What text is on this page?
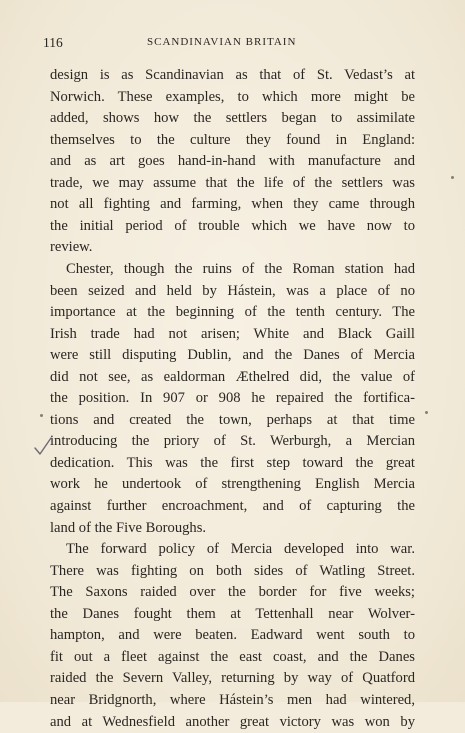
116	SCANDINAVIAN BRITAIN
design is as Scandinavian as that of St. Vedast’s at
Norwich. These examples, to which more might be
added, shows how the settlers began to assimilate
themselves to the culture they found in England:
and as art goes hand-in-hand with manufacture and
trade, we may assume that the life of the settlers was
not all fighting and farming, when they came through
the initial period of trouble which we have now to
review.
Chester, though the ruins of the Roman station had
been seized and held by Hástein, was a place of no
importance at the beginning of the tenth century. The
Irish trade had not arisen; White and Black Gaill
were still disputing Dublin, and the Danes of Mercia
did not see, as ealdorman Æthelred did, the value of
the position. In 907 or 908 he repaired the fortifica-
tions and created the town, perhaps at that time
introducing the priory of St. Werburgh, a Mercian
dedication. This was the first step toward the great
work he undertook of strengthening English Mercia
against further encroachment, and of capturing the
land of the Five Boroughs.
The forward policy of Mercia developed into war.
There was fighting on both sides of Watling Street.
The Saxons raided over the border for five weeks;
the Danes fought them at Tettenhall near Wolver-
hampton, and were beaten. Eadward went south to
fit out a fleet against the east coast, and the Danes
raided the Severn Valley, returning by way of Quatford
near Bridgnorth, where Hástein’s men had wintered,
and at Wednesfield another great victory was won by
